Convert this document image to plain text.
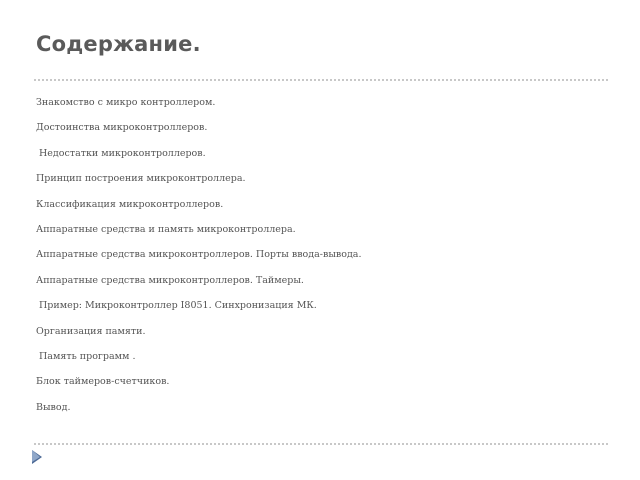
Содержание.
Знакомство с микро контроллером.
Достоинства микроконтроллеров.
Недостатки микроконтроллеров.
Принцип построения микроконтроллера.
Классификация микроконтроллеров.
Аппаратные средства и память микроконтроллера.
Аппаратные средства микроконтроллеров. Порты ввода-вывода.
Аппаратные средства микроконтроллеров. Таймеры.
Пример: Микроконтроллер I8051. Синхронизация МК.
Организация памяти.
Память программ .
Блок таймеров-счетчиков.
Вывод.
